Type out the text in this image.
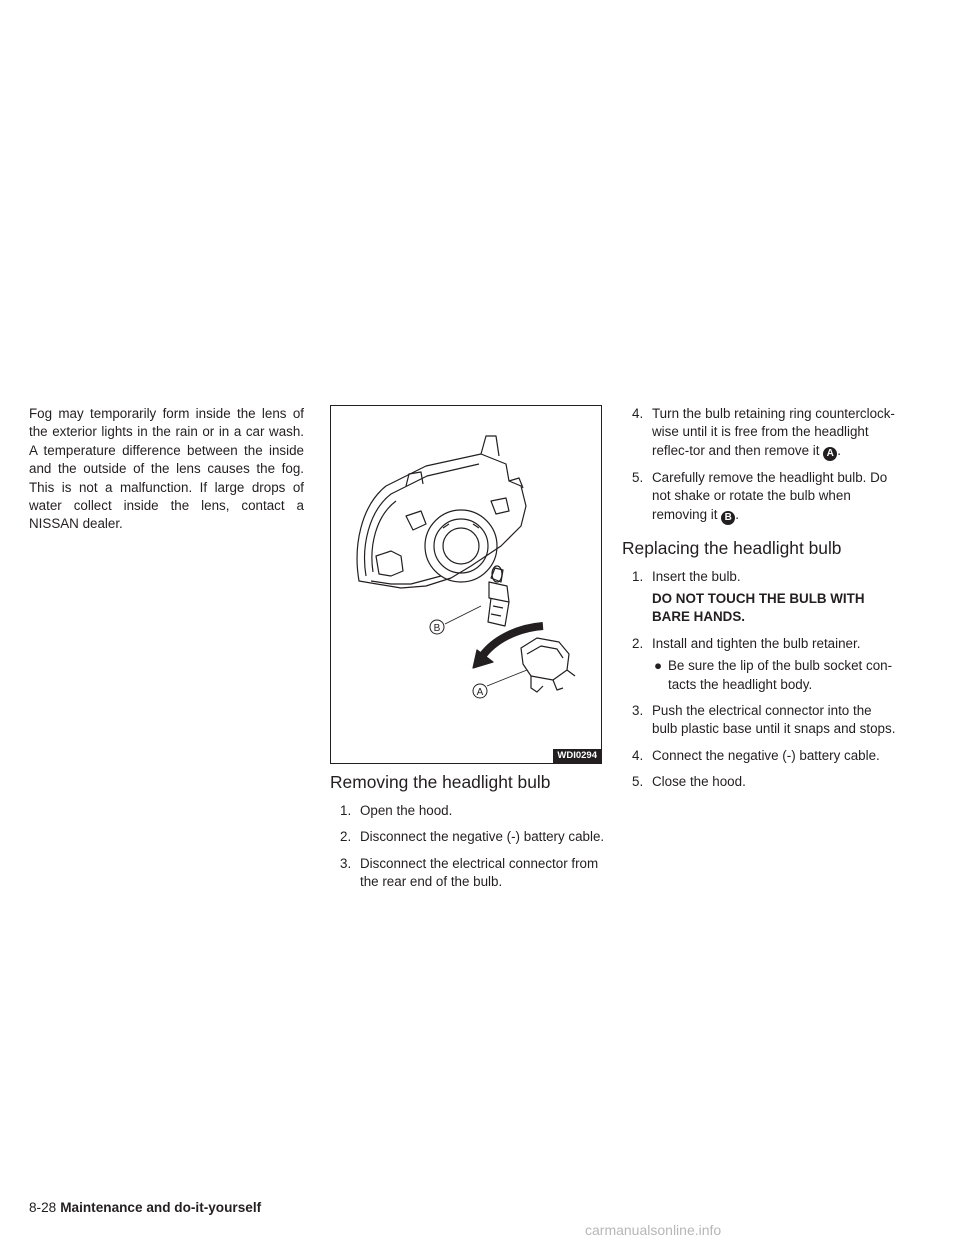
Fog may temporarily form inside the lens of the exterior lights in the rain or in a car wash. A temperature difference between the inside and the outside of the lens causes the fog. This is not a malfunction. If large drops of water collect inside the lens, contact a NISSAN dealer.
B
A
WDI0294
Removing the headlight bulb
1. Open the hood.
2. Disconnect the negative (-) battery cable.
3. Disconnect the electrical connector from the rear end of the bulb.
4. Turn the bulb retaining ring counterclock-wise until it is free from the headlight reflec-tor and then remove it A .
5. Carefully remove the headlight bulb. Do not shake or rotate the bulb when removing it B .
Replacing the headlight bulb
1. Insert the bulb.
DO NOT TOUCH THE BULB WITH BARE HANDS.
2. Install and tighten the bulb retainer.
● Be sure the lip of the bulb socket con-tacts the headlight body.
3. Push the electrical connector into the bulb plastic base until it snaps and stops.
4. Connect the negative (-) battery cable.
5. Close the hood.
8-28 Maintenance and do-it-yourself
carmanualsonline.info
